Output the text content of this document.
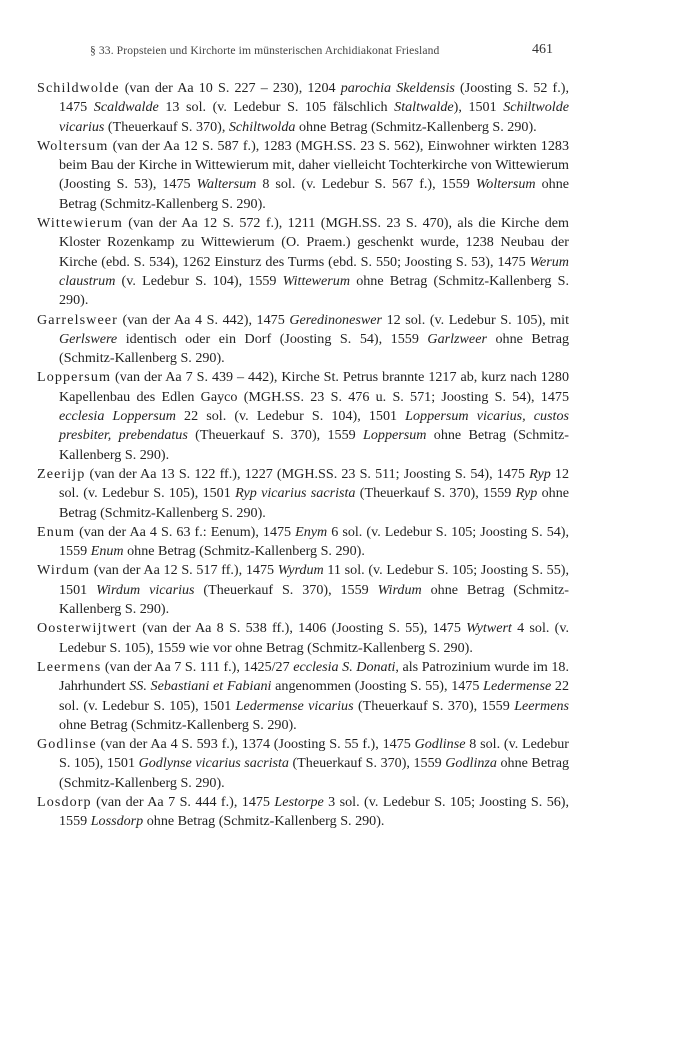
§ 33. Propsteien und Kirchorte im münsterischen Archidiakonat Friesland	461

Schildwolde (van der Aa 10 S. 227 – 230), 1204 parochia Skeldensis (Joosting S. 52 f.), 1475 Scaldwalde 13 sol. (v. Ledebur S. 105 fälschlich Staltwalde), 1501 Schiltwolde vicarius (Theuerkauf S. 370), Schiltwolda ohne Betrag (Schmitz-Kallenberg S. 290).

Woltersum (van der Aa 12 S. 587 f.), 1283 (MGH.SS. 23 S. 562), Einwohner wirkten 1283 beim Bau der Kirche in Wittewierum mit, daher vielleicht Tochterkirche von Wittewierum (Joosting S. 53), 1475 Waltersum 8 sol. (v. Ledebur S. 567 f.), 1559 Woltersum ohne Betrag (Schmitz-Kallenberg S. 290).

Wittewierum (van der Aa 12 S. 572 f.), 1211 (MGH.SS. 23 S. 470), als die Kirche dem Kloster Rozenkamp zu Wittewierum (O. Praem.) geschenkt wurde, 1238 Neubau der Kirche (ebd. S. 534), 1262 Einsturz des Turms (ebd. S. 550; Joosting S. 53), 1475 Werum claustrum (v. Ledebur S. 104), 1559 Wittewerum ohne Betrag (Schmitz-Kallenberg S. 290).

Garrelsweer (van der Aa 4 S. 442), 1475 Geredinoneswer 12 sol. (v. Ledebur S. 105), mit Gerlswere identisch oder ein Dorf (Joosting S. 54), 1559 Garlzweer ohne Betrag (Schmitz-Kallenberg S. 290).

Loppersum (van der Aa 7 S. 439 – 442), Kirche St. Petrus brannte 1217 ab, kurz nach 1280 Kapellenbau des Edlen Gayco (MGH.SS. 23 S. 476 u. S. 571; Joosting S. 54), 1475 ecclesia Loppersum 22 sol. (v. Ledebur S. 104), 1501 Loppersum vicarius, custos presbiter, prebendatus (Theuerkauf S. 370), 1559 Loppersum ohne Betrag (Schmitz-Kallenberg S. 290).

Zeerijp (van der Aa 13 S. 122 ff.), 1227 (MGH.SS. 23 S. 511; Joosting S. 54), 1475 Ryp 12 sol. (v. Ledebur S. 105), 1501 Ryp vicarius sacrista (Theuerkauf S. 370), 1559 Ryp ohne Betrag (Schmitz-Kallenberg S. 290).

Enum (van der Aa 4 S. 63 f.: Eenum), 1475 Enym 6 sol. (v. Ledebur S. 105; Joosting S. 54), 1559 Enum ohne Betrag (Schmitz-Kallenberg S. 290).

Wirdum (van der Aa 12 S. 517 ff.), 1475 Wyrdum 11 sol. (v. Ledebur S. 105; Joosting S. 55), 1501 Wirdum vicarius (Theuerkauf S. 370), 1559 Wirdum ohne Betrag (Schmitz-Kallenberg S. 290).

Oosterwijtwert (van der Aa 8 S. 538 ff.), 1406 (Joosting S. 55), 1475 Wytwert 4 sol. (v. Ledebur S. 105), 1559 wie vor ohne Betrag (Schmitz-Kallenberg S. 290).

Leermens (van der Aa 7 S. 111 f.), 1425/27 ecclesia S. Donati, als Patrozinium wurde im 18. Jahrhundert SS. Sebastiani et Fabiani angenommen (Joosting S. 55), 1475 Ledermense 22 sol. (v. Ledebur S. 105), 1501 Ledermense vicarius (Theuerkauf S. 370), 1559 Leermens ohne Betrag (Schmitz-Kallenberg S. 290).

Godlinse (van der Aa 4 S. 593 f.), 1374 (Joosting S. 55 f.), 1475 Godlinse 8 sol. (v. Ledebur S. 105), 1501 Godlynse vicarius sacrista (Theuerkauf S. 370), 1559 Godlinza ohne Betrag (Schmitz-Kallenberg S. 290).

Losdorp (van der Aa 7 S. 444 f.), 1475 Lestorpe 3 sol. (v. Ledebur S. 105; Joosting S. 56), 1559 Lossdorp ohne Betrag (Schmitz-Kallenberg S. 290).
